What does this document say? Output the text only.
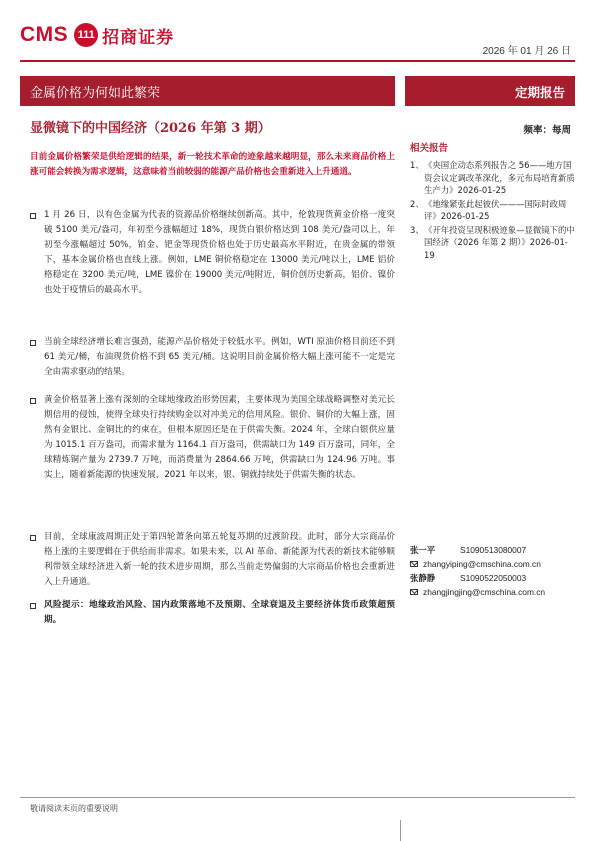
CMS 111 招商证券
2026 年 01 月 26 日
金属价格为何如此繁荣	定期报告
显微镜下的中国经济（2026 年第 3 期）	频率：每周
目前金属价格繁荣是供给逻辑的结果，新一轮技术革命的迹象越来越明显，那么未来商品价格上涨可能会转换为需求逻辑，这意味着当前较弱的能源产品价格也会重新进入上升通道。
1 月 26 日，以有色金属为代表的资源品价格继续创新高。其中，伦敦现货黄金价格一度突破 5100 美元/盎司，年初至今涨幅超过 18%，现货白银价格达到 108 美元/盎司以上，年初至今涨幅超过 50%，铂金、钯金等现货价格也处于历史最高水平附近，在贵金属的带领下，基本金属价格也直线上涨。例如，LME 铜价格稳定在 13000 美元/吨以上，LME 铝价格稳定在 3200 美元/吨，LME 镍价在 19000 美元/吨附近，铜价创历史新高，铝价、镍价也处于疫情后的最高水平。
当前全球经济增长难言强劲，能源产品价格处于较低水平。例如，WTI 原油价格目前还不到 61 美元/桶，布油现货价格不到 65 美元/桶。这说明目前金属价格大幅上涨可能不一定是完全由需求驱动的结果。
黄金价格显著上涨有深刻的全球地缘政治形势因素，主要体现为美国全球战略调整对美元长期信用的侵蚀，使得全球央行持续购金以对冲美元的信用风险。银价、铜价的大幅上涨，固然有金银比、金铜比的约束在，但根本原因还是在于供需失衡。2024 年，全球白银供应量为 1015.1 百万盎司，而需求量为 1164.1 百万盎司，供需缺口为 149 百万盎司，同年，全球精炼铜产量为 2739.7 万吨，而消费量为 2864.66 万吨，供需缺口为 124.96 万吨。事实上，随着新能源的快速发展，2021 年以来，银、铜就持续处于供需失衡的状态。
目前，全球康波周期正处于第四轮萧条向第五轮复苏期的过渡阶段。此时，部分大宗商品价格上涨的主要逻辑在于供给而非需求。如果未来，以 AI 革命、新能源为代表的新技术能够顺利带领全球经济进入新一轮的技术进步周期，那么当前走势偏弱的大宗商品价格也会重新进入上升通道。
风险提示：地缘政治风险、国内政策落地不及预期、全球衰退及主要经济体货币政策超预期。
相关报告
1、 《央国企动态系列报告之 56——地方国资会议定调改革深化，多元布局培育新质生产力》2026-01-25
2、 《地缘紧张此起彼伏———国际时政周评》2026-01-25
3、 《开年投资呈现积极迹象—显微镜下的中国经济（2026 年第 2 期）》2026-01-19
张一平	S1090513080007
zhangyiping@cmschina.com.cn
张静静	S1090522050003
zhangjingjing@cmschina.com.cn
敬请阅读末页的重要说明
